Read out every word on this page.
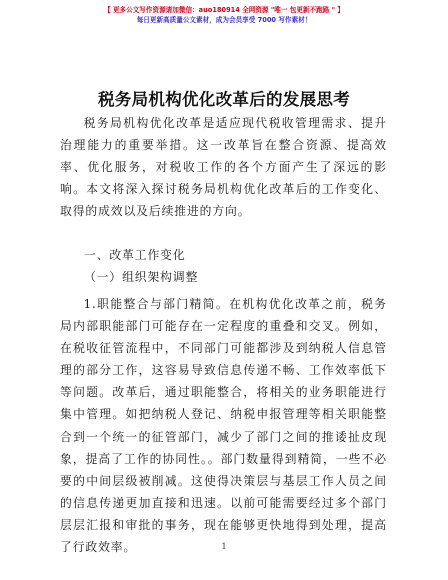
【 更多公文写作资源请加微信：auo180914 全网资源 "唯一 包更新不跑路 " 】
每日更新高质量公文素材，成为会员享受 7000 写作素材！
税务局机构优化改革后的发展思考

税务局机构优化改革是适应现代税收管理需求、提升治理能力的重要举措。这一改革旨在整合资源、提高效率、优化服务，对税收工作的各个方面产生了深远的影响。本文将深入探讨税务局机构优化改革后的工作变化、取得的成效以及后续推进的方向。

一、改革工作变化
（一）组织架构调整

1.职能整合与部门精简。在机构优化改革之前，税务局内部职能部门可能存在一定程度的重叠和交叉。例如，在税收征管流程中，不同部门可能都涉及到纳税人信息管理的部分工作，这容易导致信息传递不畅、工作效率低下等问题。改革后，通过职能整合，将相关的业务职能进行集中管理。如把纳税人登记、纳税申报管理等相关职能整合到一个统一的征管部门，减少了部门之间的推诿扯皮现象，提高了工作的协同性。。部门数量得到精简，一些不必要的中间层级被削减。这使得决策层与基层工作人员之间的信息传递更加直接和迅速。以前可能需要经过多个部门层层汇报和审批的事务，现在能够更快地得到处理，提高了行政效率。	1
